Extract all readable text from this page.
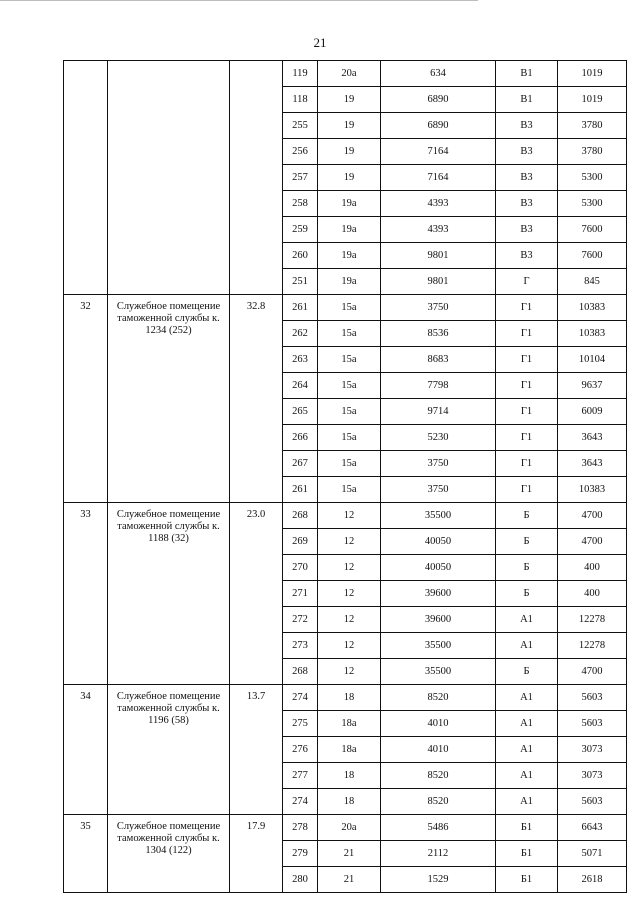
21
			119	20а	634	В1	1019
			118	19	6890	В1	1019
			255	19	6890	В3	3780
			256	19	7164	В3	3780
			257	19	7164	В3	5300
			258	19а	4393	В3	5300
			259	19а	4393	В3	7600
			260	19а	9801	В3	7600
			251	19а	9801	Г	845
32	Служебное помещение таможенной службы к. 1234 (252)	32.8	261	15а	3750	Г1	10383
			262	15а	8536	Г1	10383
			263	15а	8683	Г1	10104
			264	15а	7798	Г1	9637
			265	15а	9714	Г1	6009
			266	15а	5230	Г1	3643
			267	15а	3750	Г1	3643
			261	15а	3750	Г1	10383
33	Служебное помещение таможенной службы к. 1188 (32)	23.0	268	12	35500	Б	4700
			269	12	40050	Б	4700
			270	12	40050	Б	400
			271	12	39600	Б	400
			272	12	39600	А1	12278
			273	12	35500	А1	12278
			268	12	35500	Б	4700
34	Служебное помещение таможенной службы к. 1196 (58)	13.7	274	18	8520	А1	5603
			275	18а	4010	А1	5603
			276	18а	4010	А1	3073
			277	18	8520	А1	3073
			274	18	8520	А1	5603
35	Служебное помещение таможенной службы к. 1304 (122)	17.9	278	20а	5486	Б1	6643
			279	21	2112	Б1	5071
			280	21	1529	Б1	2618
